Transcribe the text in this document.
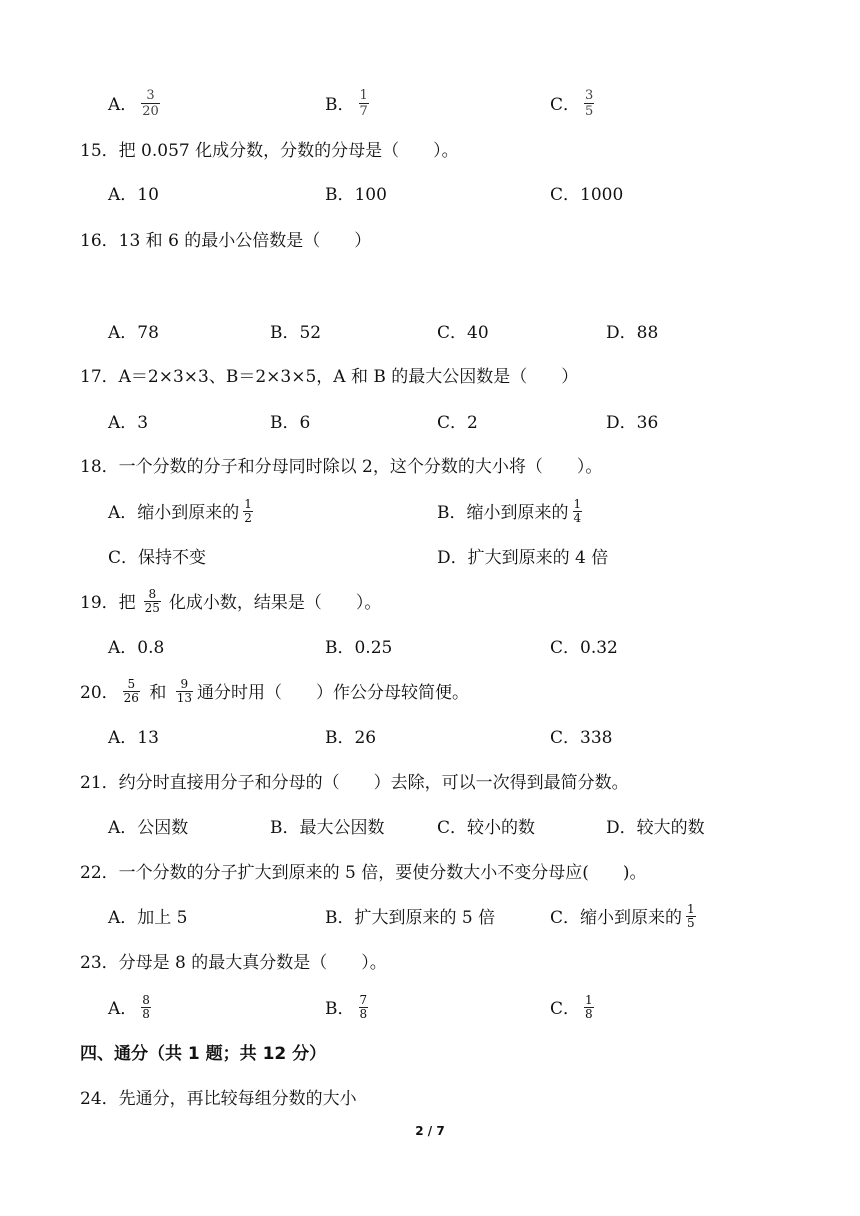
A． $\frac{3}{20}$	B． $\frac{1}{7}$	C． $\frac{3}{5}$
15．把 0.057 化成分数，分数的分母是（　　）。
A．10	B．100	C．1000
16．13 和 6 的最小公倍数是（　　）
A．78	B．52	C．40	D．88
17．A＝2×3×3、B＝2×3×5，A 和 B 的最大公因数是（　　）
A．3	B．6	C．2	D．36
18．一个分数的分子和分母同时除以 2，这个分数的大小将（　　）。
A．缩小到原来的 $\frac{1}{2}$	B．缩小到原来的 $\frac{1}{4}$
C．保持不变	D．扩大到原来的 4 倍
19．把 $\frac{8}{25}$ 化成小数，结果是（　　）。
A．0.8	B．0.25	C．0.32
20． $\frac{5}{26}$ 和 $\frac{9}{13}$ 通分时用（　　）作公分母较简便。
A．13	B．26	C．338
21．约分时直接用分子和分母的（　　）去除，可以一次得到最简分数。
A．公因数	B．最大公因数	C．较小的数	D．较大的数
22．一个分数的分子扩大到原来的 5 倍，要使分数大小不变分母应(　　)。
A．加上 5	B．扩大到原来的 5 倍	C．缩小到原来的 $\frac{1}{5}$
23．分母是 8 的最大真分数是（　　）。
A． $\frac{8}{8}$	B． $\frac{7}{8}$	C． $\frac{1}{8}$
四、通分（共 1 题；共 12 分）
24．先通分，再比较每组分数的大小
2 / 7
